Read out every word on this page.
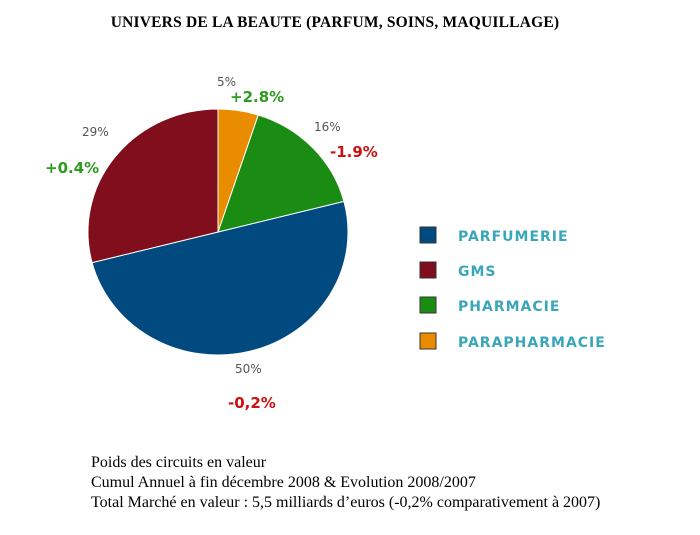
UNIVERS DE LA BEAUTE (PARFUM, SOINS, MAQUILLAGE)
50%
29%	16%
5%
-0,2%
+0.4%
-1.9%
+2.8%
PARFUMERIE
GMS
PHARMACIE
PARAPHARMACIE
Poids des circuits en valeur
Cumul Annuel à fin décembre 2008 & Evolution 2008/2007
Total Marché en valeur : 5,5 milliards d’euros (-0,2% comparativement à 2007)
